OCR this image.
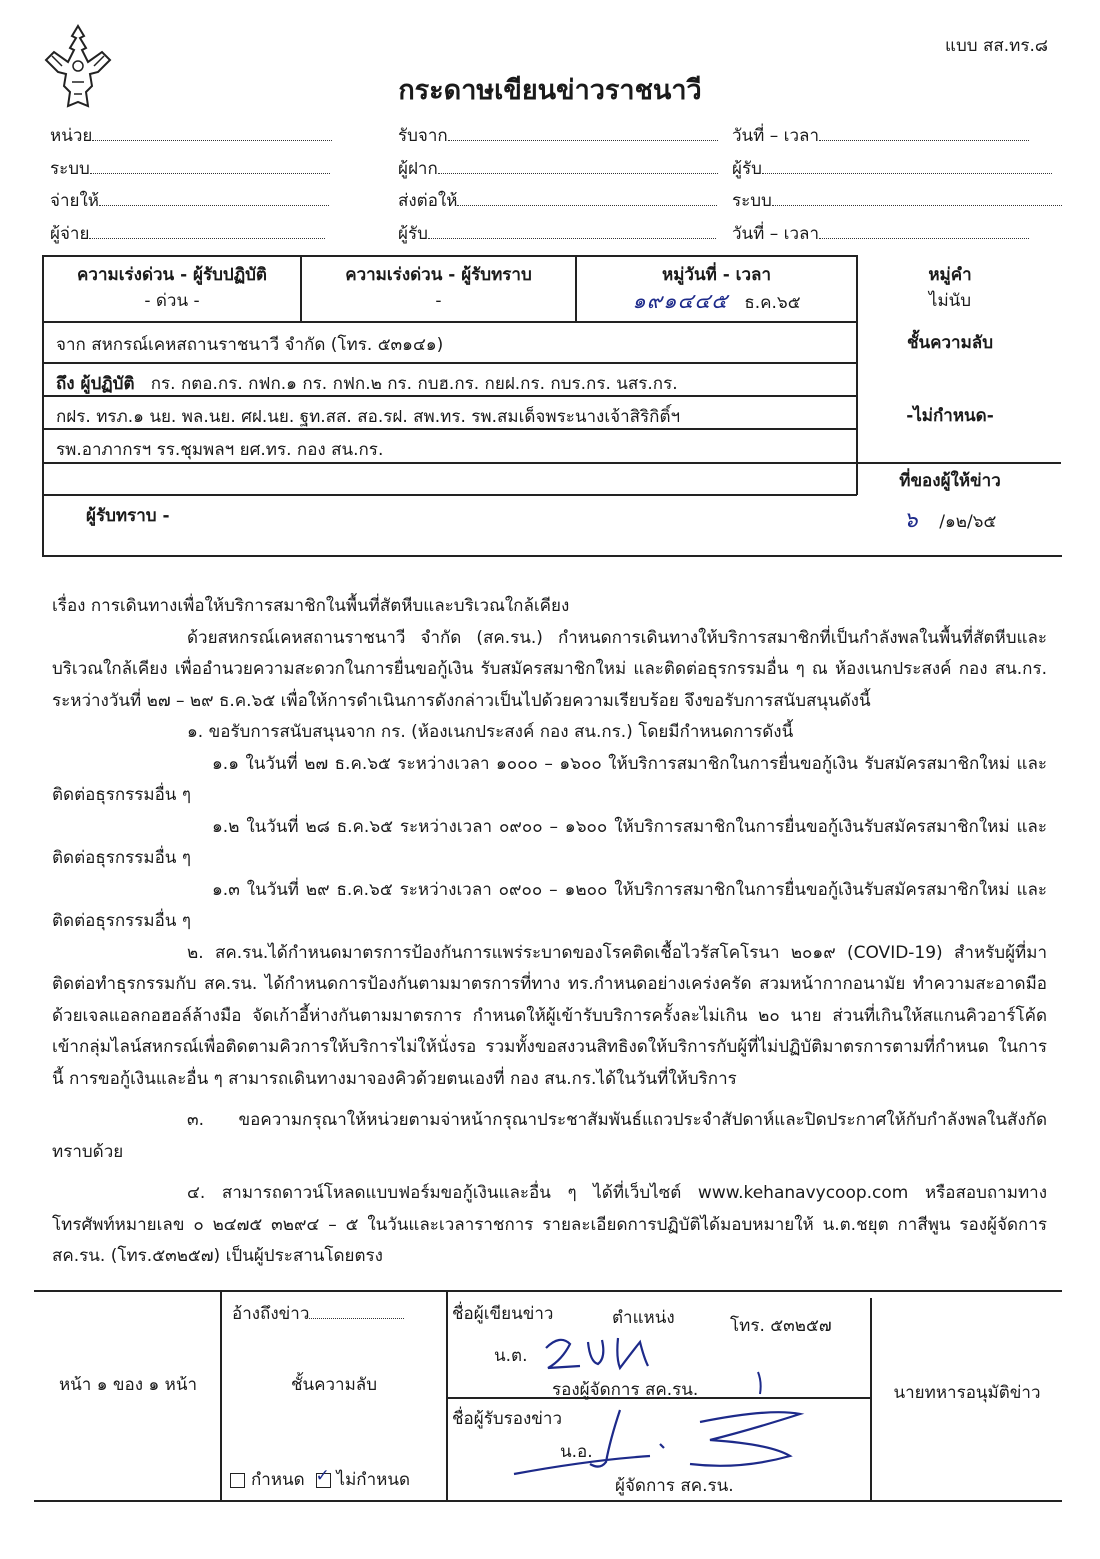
แบบ สส.ทร.๘
กระดาษเขียนข่าวราชนาวี
หน่วย
ระบบ
จ่ายให้
ผู้จ่าย
รับจาก
ผู้ฝาก
ส่งต่อให้
ผู้รับ
วันที่ – เวลา
ผู้รับ
ระบบ
วันที่ – เวลา
ความเร่งด่วน - ผู้รับปฏิบัติ
- ด่วน -
ความเร่งด่วน - ผู้รับทราบ
-
หมู่วันที่ - เวลา
๑๙๑๔๔๕ ธ.ค.๖๕
หมู่คำ
ไม่นับ
จาก สหกรณ์เคหสถานราชนาวี จำกัด (โทร. ๕๓๑๔๑)
ถึง ผู้ปฏิบัติ กร. กตอ.กร. กฟก.๑ กร. กฟก.๒ กร. กบฮ.กร. กยฝ.กร. กบร.กร. นสร.กร.
กฝร. ทรภ.๑ นย. พล.นย. ศฝ.นย. ฐท.สส. สอ.รฝ. สพ.ทร. รพ.สมเด็จพระนางเจ้าสิริกิติ์ฯ
รพ.อาภากรฯ รร.ชุมพลฯ ยศ.ทร. กอง สน.กร.
ผู้รับทราบ -
ชั้นความลับ
-ไม่กำหนด-
ที่ของผู้ให้ข่าว
๖ /๑๒/๖๕

เรื่อง การเดินทางเพื่อให้บริการสมาชิกในพื้นที่สัตหีบและบริเวณใกล้เคียง

ด้วยสหกรณ์เคหสถานราชนาวี จำกัด (สค.รน.) กำหนดการเดินทางให้บริการสมาชิกที่เป็นกำลังพลในพื้นที่สัตหีบและบริเวณใกล้เคียง เพื่ออำนวยความสะดวกในการยื่นขอกู้เงิน รับสมัครสมาชิกใหม่ และติดต่อธุรกรรมอื่น ๆ ณ ห้องเนกประสงค์ กอง สน.กร. ระหว่างวันที่ ๒๗ – ๒๙ ธ.ค.๖๕ เพื่อให้การดำเนินการดังกล่าวเป็นไปด้วยความเรียบร้อย จึงขอรับการสนับสนุนดังนี้

๑. ขอรับการสนับสนุนจาก กร. (ห้องเนกประสงค์ กอง สน.กร.) โดยมีกำหนดการดังนี้

๑.๑ ในวันที่ ๒๗ ธ.ค.๖๕ ระหว่างเวลา ๑๐๐๐ – ๑๖๐๐ ให้บริการสมาชิกในการยื่นขอกู้เงิน รับสมัครสมาชิกใหม่ และติดต่อธุรกรรมอื่น ๆ

๑.๒ ในวันที่ ๒๘ ธ.ค.๖๕ ระหว่างเวลา ๐๙๐๐ – ๑๖๐๐ ให้บริการสมาชิกในการยื่นขอกู้เงินรับสมัครสมาชิกใหม่ และติดต่อธุรกรรมอื่น ๆ

๑.๓ ในวันที่ ๒๙ ธ.ค.๖๕ ระหว่างเวลา ๐๙๐๐ – ๑๒๐๐ ให้บริการสมาชิกในการยื่นขอกู้เงินรับสมัครสมาชิกใหม่ และติดต่อธุรกรรมอื่น ๆ

๒. สค.รน.ได้กำหนดมาตรการป้องกันการแพร่ระบาดของโรคติดเชื้อไวรัสโคโรนา ๒๐๑๙ (COVID-19) สำหรับผู้ที่มาติดต่อทำธุรกรรมกับ สค.รน. ได้กำหนดการป้องกันตามมาตรการที่ทาง ทร.กำหนดอย่างเคร่งครัด สวมหน้ากากอนามัย ทำความสะอาดมือด้วยเจลแอลกอฮอล์ล้างมือ จัดเก้าอี้ห่างกันตามมาตรการ กำหนดให้ผู้เข้ารับบริการครั้งละไม่เกิน ๒๐ นาย ส่วนที่เกินให้สแกนคิวอาร์โค้ดเข้ากลุ่มไลน์สหกรณ์เพื่อติดตามคิวการให้บริการไม่ให้นั่งรอ รวมทั้งขอสงวนสิทธิงดให้บริการกับผู้ที่ไม่ปฏิบัติมาตรการตามที่กำหนด ในการนี้ การขอกู้เงินและอื่น ๆ สามารถเดินทางมาจองคิวด้วยตนเองที่ กอง สน.กร.ได้ในวันที่ให้บริการ

๓. ขอความกรุณาให้หน่วยตามจ่าหน้ากรุณาประชาสัมพันธ์แถวประจำสัปดาห์และปิดประกาศให้กับกำลังพลในสังกัดทราบด้วย

๔. สามารถดาวน์โหลดแบบฟอร์มขอกู้เงินและอื่น ๆ ได้ที่เว็บไซต์ www.kehanavycoop.com หรือสอบถามทางโทรศัพท์หมายเลข ๐ ๒๔๗๕ ๓๒๙๔ – ๕ ในวันและเวลาราชการ รายละเอียดการปฏิบัติได้มอบหมายให้ น.ต.ชยุต กาสีพูน รองผู้จัดการ สค.รน. (โทร.๕๓๒๕๗) เป็นผู้ประสานโดยตรง

หน้า ๑ ของ ๑ หน้า
อ้างถึงข่าว
ชั้นความลับ
กำหนด  ✓ ไม่กำหนด
ชื่อผู้เขียนข่าว	ตำแหน่ง	โทร. ๕๓๒๕๗
น.ต.
รองผู้จัดการ สค.รน.
ชื่อผู้รับรองข่าว
น.อ.
ผู้จัดการ สค.รน.
นายทหารอนุมัติข่าว
